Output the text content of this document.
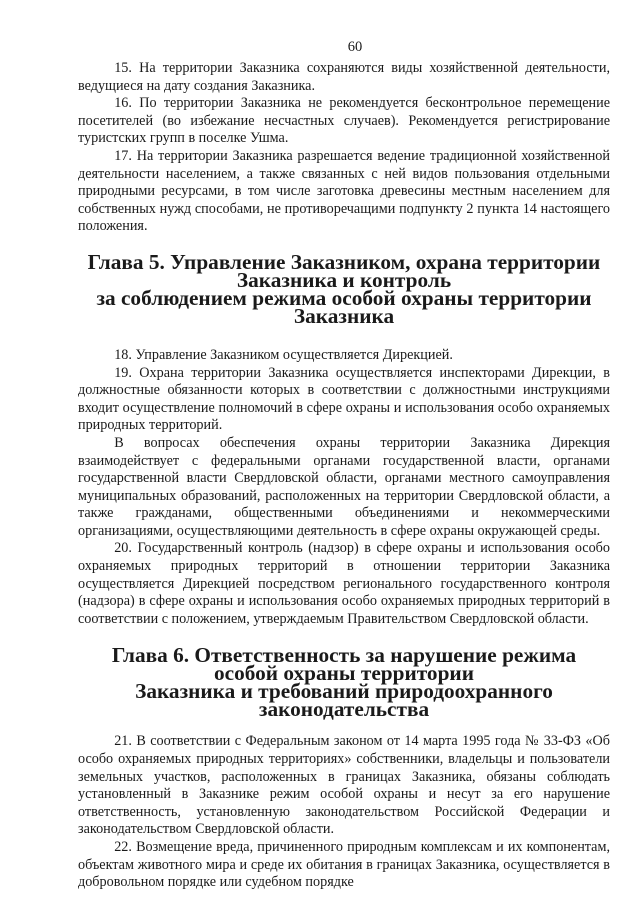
60

15. На территории Заказника сохраняются виды хозяйственной деятельности, ведущиеся на дату создания Заказника.

16. По территории Заказника не рекомендуется бесконтрольное перемещение посетителей (во избежание несчастных случаев). Рекомендуется регистрирование туристских групп в поселке Ушма.

17. На территории Заказника разрешается ведение традиционной хозяйственной деятельности населением, а также связанных с ней видов пользования отдельными природными ресурсами, в том числе заготовка древесины местным населением для собственных нужд способами, не противоречащими подпункту 2 пункта 14 настоящего положения.

Глава 5. Управление Заказником, охрана территории Заказника и контроль
за соблюдением режима особой охраны территории Заказника

18. Управление Заказником осуществляется Дирекцией.

19. Охрана территории Заказника осуществляется инспекторами Дирекции, в должностные обязанности которых в соответствии с должностными инструкциями входит осуществление полномочий в сфере охраны и использования особо охраняемых природных территорий.

В вопросах обеспечения охраны территории Заказника Дирекция взаимодействует с федеральными органами государственной власти, органами государственной власти Свердловской области, органами местного самоуправления муниципальных образований, расположенных на территории Свердловской области, а также гражданами, общественными объединениями и некоммерческими организациями, осуществляющими деятельность в сфере охраны окружающей среды.

20. Государственный контроль (надзор) в сфере охраны и использования особо охраняемых природных территорий в отношении территории Заказника осуществляется Дирекцией посредством регионального государственного контроля (надзора) в сфере охраны и использования особо охраняемых природных территорий в соответствии с положением, утверждаемым Правительством Свердловской области.

Глава 6. Ответственность за нарушение режима особой охраны территории
Заказника и требований природоохранного законодательства

21. В соответствии с Федеральным законом от 14 марта 1995 года № 33-ФЗ «Об особо охраняемых природных территориях» собственники, владельцы и пользователи земельных участков, расположенных в границах Заказника, обязаны соблюдать установленный в Заказнике режим особой охраны и несут за его нарушение ответственность, установленную законодательством Российской Федерации и законодательством Свердловской области.

22. Возмещение вреда, причиненного природным комплексам и их компонентам, объектам животного мира и среде их обитания в границах Заказника, осуществляется в добровольном порядке или судебном порядке
